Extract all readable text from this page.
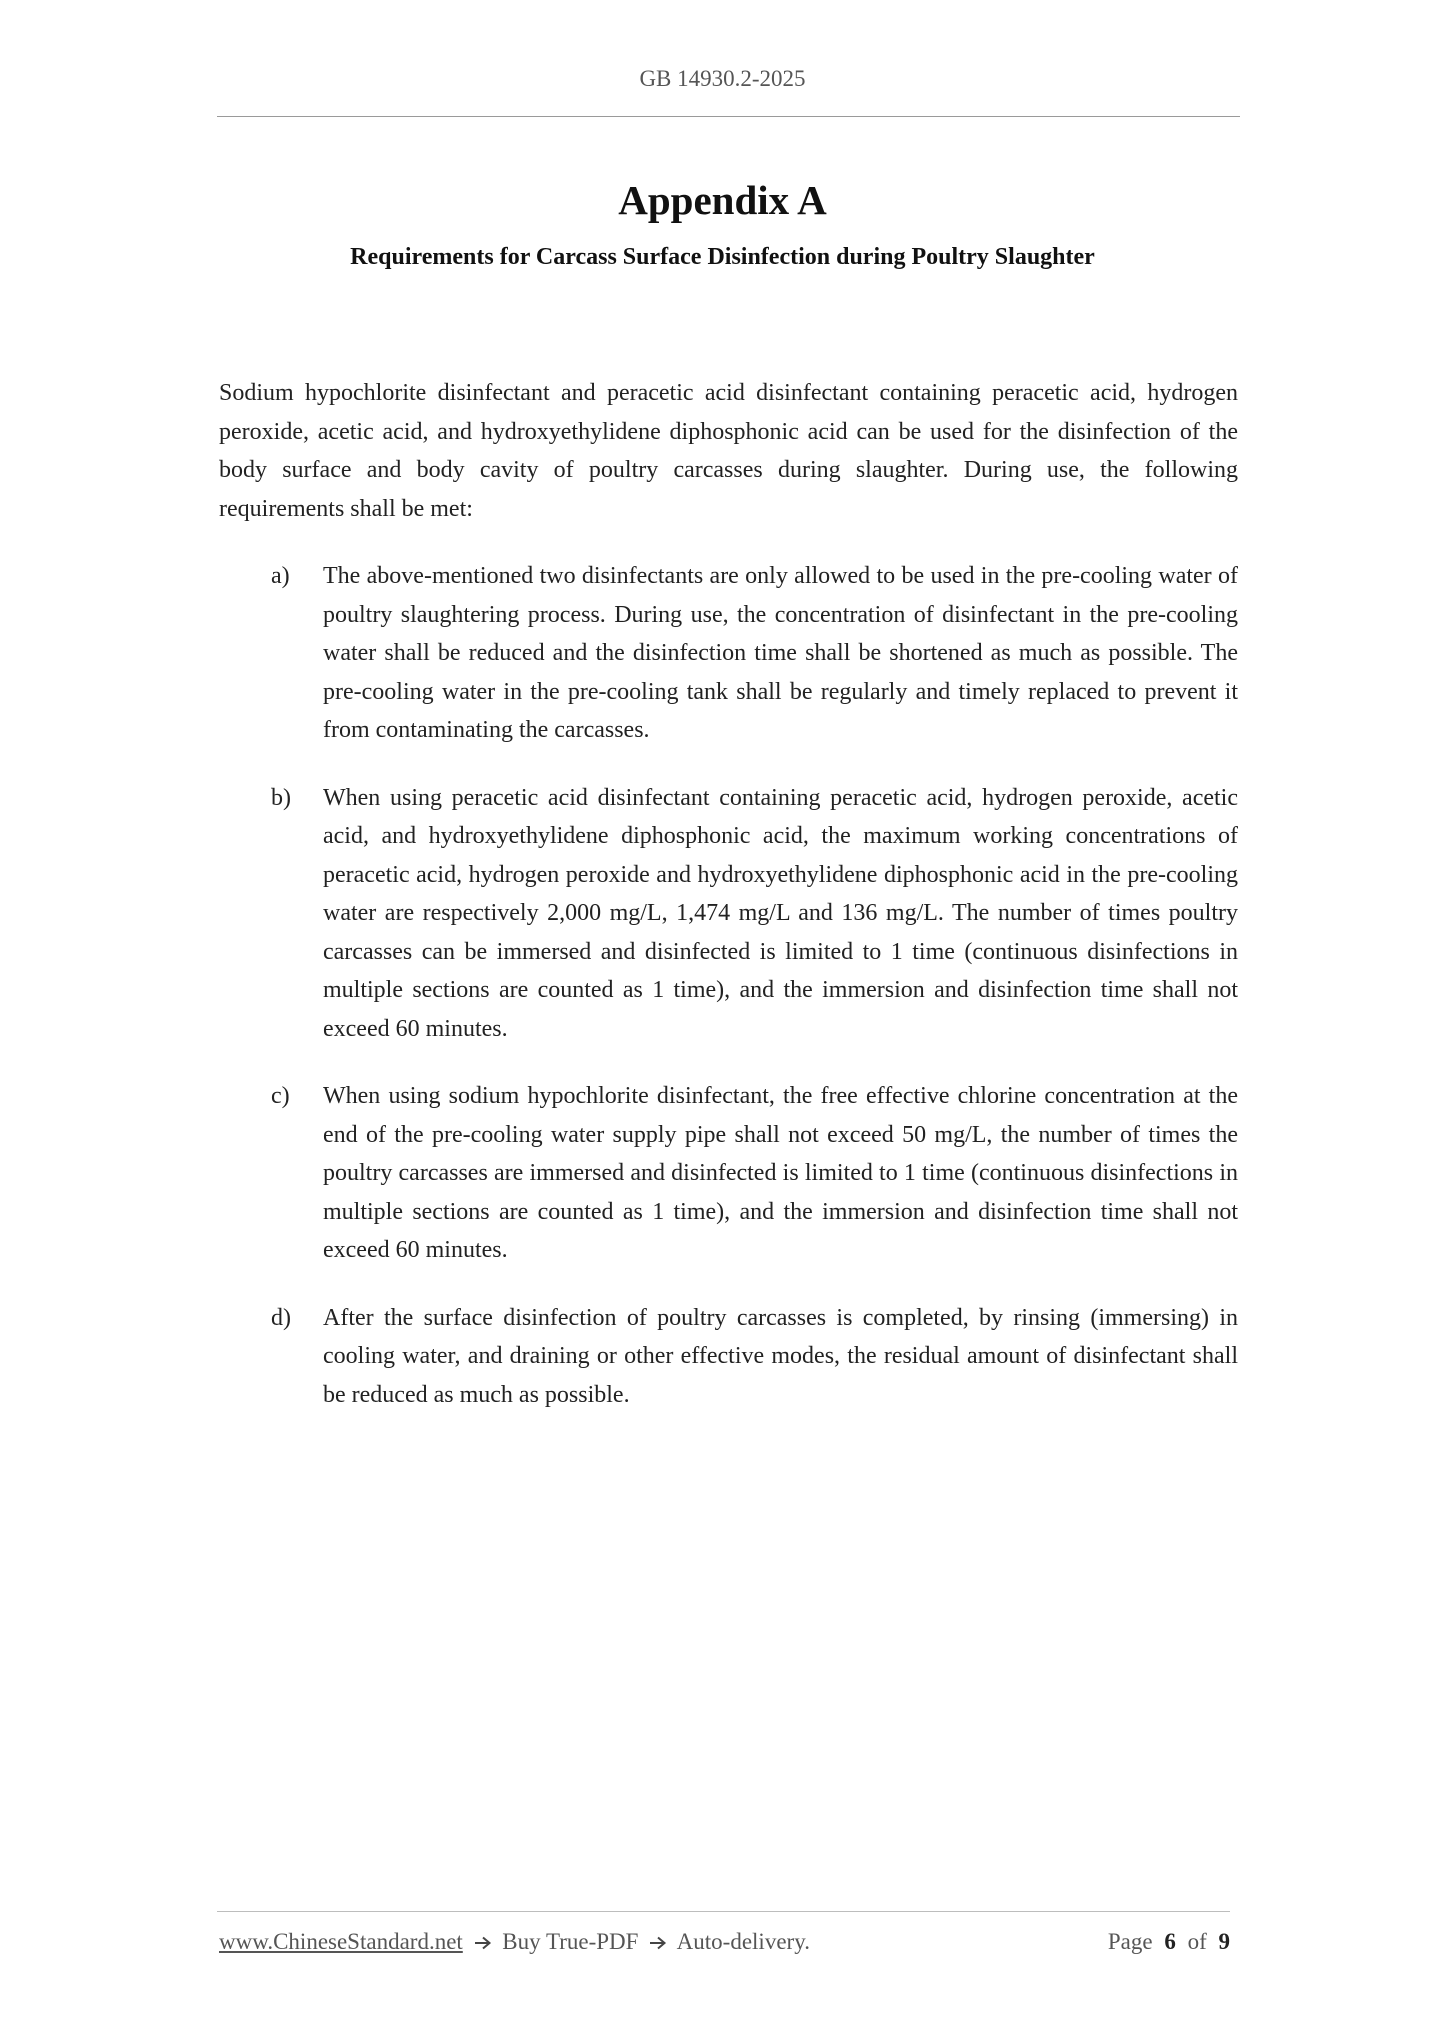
GB 14930.2-2025
Appendix A
Requirements for Carcass Surface Disinfection during Poultry Slaughter

Sodium hypochlorite disinfectant and peracetic acid disinfectant containing peracetic acid, hydrogen peroxide, acetic acid, and hydroxyethylidene diphosphonic acid can be used for the disinfection of the body surface and body cavity of poultry carcasses during slaughter. During use, the following requirements shall be met:

a) The above-mentioned two disinfectants are only allowed to be used in the pre-cooling water of poultry slaughtering process. During use, the concentration of disinfectant in the pre-cooling water shall be reduced and the disinfection time shall be shortened as much as possible. The pre-cooling water in the pre-cooling tank shall be regularly and timely replaced to prevent it from contaminating the carcasses.
b) When using peracetic acid disinfectant containing peracetic acid, hydrogen peroxide, acetic acid, and hydroxyethylidene diphosphonic acid, the maximum working concentrations of peracetic acid, hydrogen peroxide and hydroxyethylidene diphosphonic acid in the pre-cooling water are respectively 2,000 mg/L, 1,474 mg/L and 136 mg/L. The number of times poultry carcasses can be immersed and disinfected is limited to 1 time (continuous disinfections in multiple sections are counted as 1 time), and the immersion and disinfection time shall not exceed 60 minutes.
c) When using sodium hypochlorite disinfectant, the free effective chlorine concentration at the end of the pre-cooling water supply pipe shall not exceed 50 mg/L, the number of times the poultry carcasses are immersed and disinfected is limited to 1 time (continuous disinfections in multiple sections are counted as 1 time), and the immersion and disinfection time shall not exceed 60 minutes.
d) After the surface disinfection of poultry carcasses is completed, by rinsing (immersing) in cooling water, and draining or other effective modes, the residual amount of disinfectant shall be reduced as much as possible.
www.ChineseStandard.net Buy True-PDF Auto-delivery.	Page 6 of 9
